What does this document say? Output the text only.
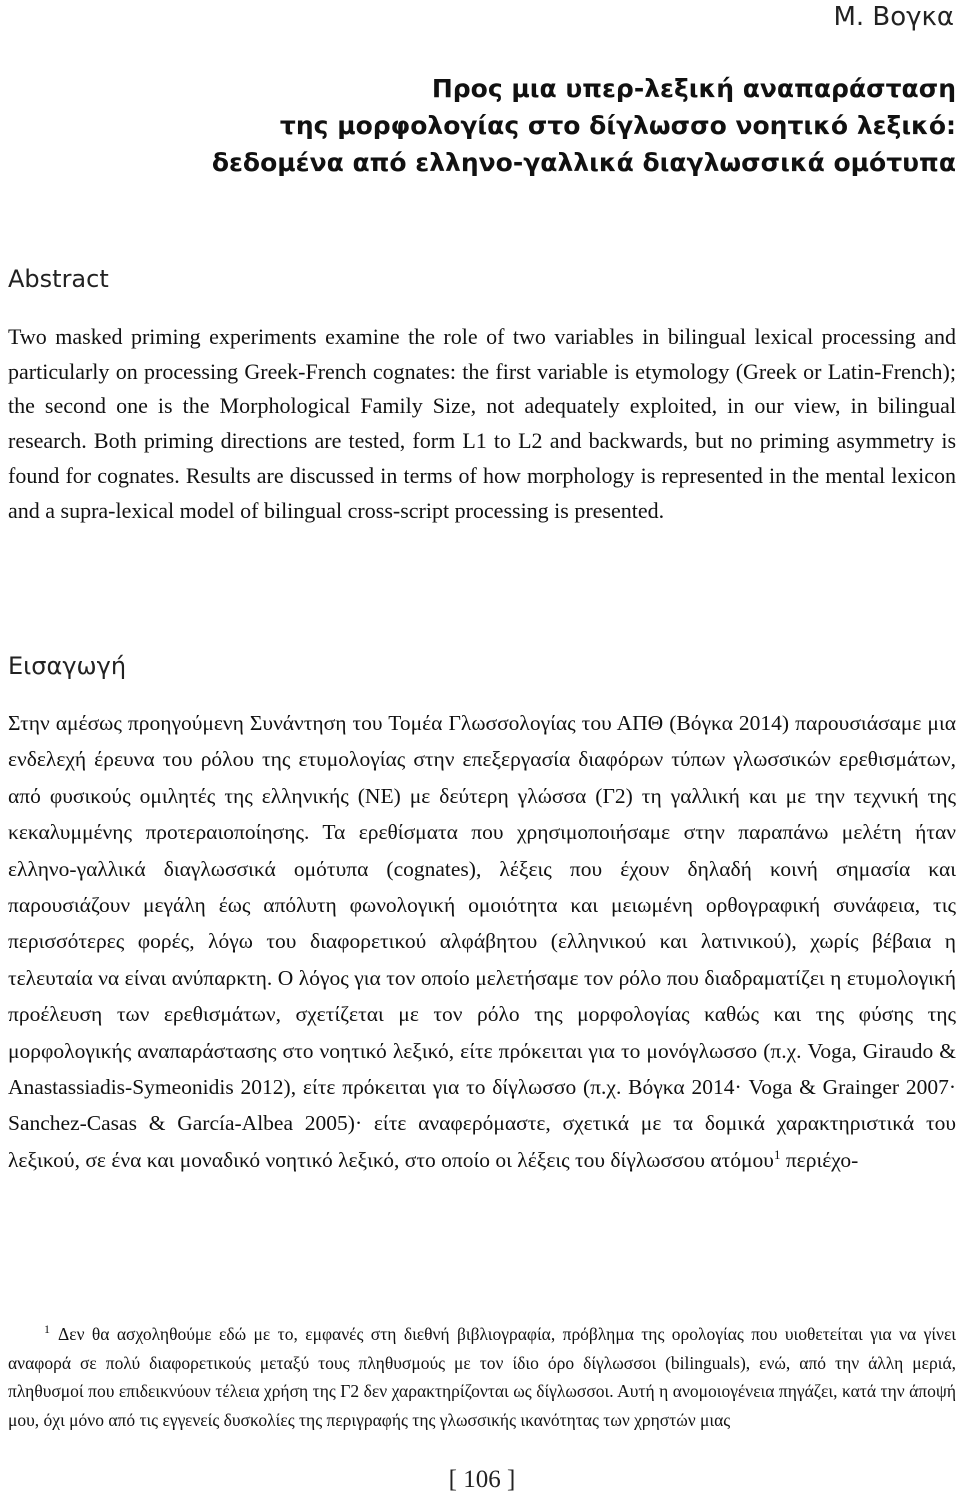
M. Βογκα
Προς μια υπερ-λεξική αναπαράσταση
της μορφολογίας στο δίγλωσσο νοητικό λεξικό:
δεδομένα από ελληνο-γαλλικά διαγλωσσικά ομότυπα
Abstract

Two masked priming experiments examine the role of two variables in bilingual lexical processing and particularly on processing Greek-French cognates: the first variable is etymology (Greek or Latin-French); the second one is the Morphological Family Size, not adequately exploited, in our view, in bilingual research. Both priming directions are tested, form L1 to L2 and backwards, but no priming asymmetry is found for cognates. Results are discussed in terms of how morphology is represented in the mental lexicon and a supra-lexical model of bilingual cross-script processing is presented.

Εισαγωγή

Στην αμέσως προηγούμενη Συνάντηση του Τομέα Γλωσσολογίας του ΑΠΘ (Βόγκα 2014) παρουσιάσαμε μια ενδελεχή έρευνα του ρόλου της ετυμολογίας στην επεξεργασία διαφόρων τύπων γλωσσικών ερεθισμάτων, από φυσικούς ομιλητές της ελληνικής (ΝΕ) με δεύτερη γλώσσα (Γ2) τη γαλλική και με την τεχνική της κεκαλυμμένης προτεραιοποίησης. Τα ερεθίσματα που χρησιμοποιήσαμε στην παραπάνω μελέτη ήταν ελληνο-γαλλικά διαγλωσσικά ομότυπα (cognates), λέξεις που έχουν δηλαδή κοινή σημασία και παρουσιάζουν μεγάλη έως απόλυτη φωνολογική ομοιότητα και μειωμένη ορθογραφική συνάφεια, τις περισσότερες φορές, λόγω του διαφορετικού αλφάβητου (ελληνικού και λατινικού), χωρίς βέβαια η τελευταία να είναι ανύπαρκτη. Ο λόγος για τον οποίο μελετήσαμε τον ρόλο που διαδραματίζει η ετυμολογική προέλευση των ερεθισμάτων, σχετίζεται με τον ρόλο της μορφολογίας καθώς και της φύσης της μορφολογικής αναπαράστασης στο νοητικό λεξικό, είτε πρόκειται για το μονόγλωσσο (π.χ. Voga, Giraudo & Anastassiadis-Symeonidis 2012), είτε πρόκειται για το δίγλωσσο (π.χ. Βόγκα 2014· Voga & Grainger 2007· Sanchez-Casas & García-Albea 2005)· είτε αναφερόμαστε, σχετικά με τα δομικά χαρακτηριστικά του λεξικού, σε ένα και μοναδικό νοητικό λεξικό, στο οποίο οι λέξεις του δίγλωσσου ατόμου$^1$ περιέχο-

$^1$ Δεν θα ασχοληθούμε εδώ με το, εμφανές στη διεθνή βιβλιογραφία, πρόβλημα της ορολογίας που υιοθετείται για να γίνει αναφορά σε πολύ διαφορετικούς μεταξύ τους πληθυσμούς με τον ίδιο όρο δίγλωσσοι (bilinguals), ενώ, από την άλλη μεριά, πληθυσμοί που επιδεικνύουν τέλεια χρήση της Γ2 δεν χαρακτηρίζονται ως δίγλωσσοι. Αυτή η ανομοιογένεια πηγάζει, κατά την άποψή μου, όχι μόνο από τις εγγενείς δυσκολίες της περιγραφής της γλωσσικής ικανότητας των χρηστών μιας

[ 106 ]
